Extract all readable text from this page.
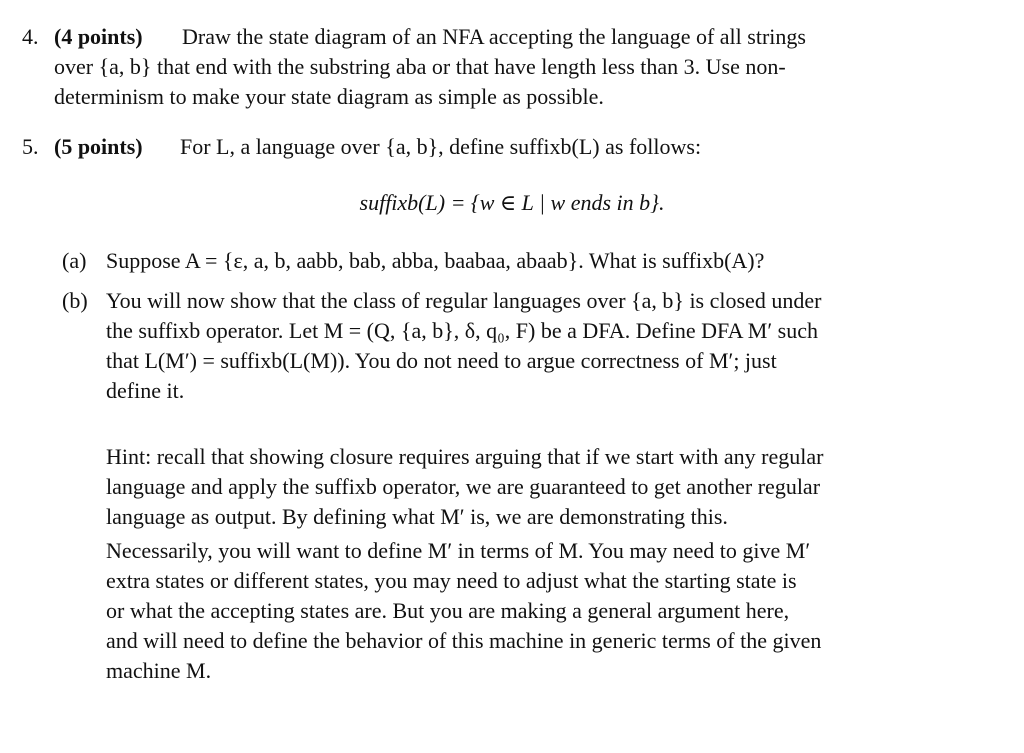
4. (4 points) Draw the state diagram of an NFA accepting the language of all strings
over {a, b} that end with the substring aba or that have length less than 3. Use non-
determinism to make your state diagram as simple as possible.
5. (5 points) For L, a language over {a, b}, define suffixb(L) as follows:
suffixb(L) = {w ∈ L | w ends in b}.
(a) Suppose A = {ε, a, b, aabb, bab, abba, baabaa, abaab}. What is suffixb(A)?
(b) You will now show that the class of regular languages over {a, b} is closed under
the suffixb operator. Let M = (Q, {a, b}, δ, q₀, F) be a DFA. Define DFA M′ such
that L(M′) = suffixb(L(M)). You do not need to argue correctness of M′; just
define it.
Hint: recall that showing closure requires arguing that if we start with any regular
language and apply the suffixb operator, we are guaranteed to get another regular
language as output. By defining what M′ is, we are demonstrating this.
Necessarily, you will want to define M′ in terms of M. You may need to give M′
extra states or different states, you may need to adjust what the starting state is
or what the accepting states are. But you are making a general argument here,
and will need to define the behavior of this machine in generic terms of the given
machine M.
